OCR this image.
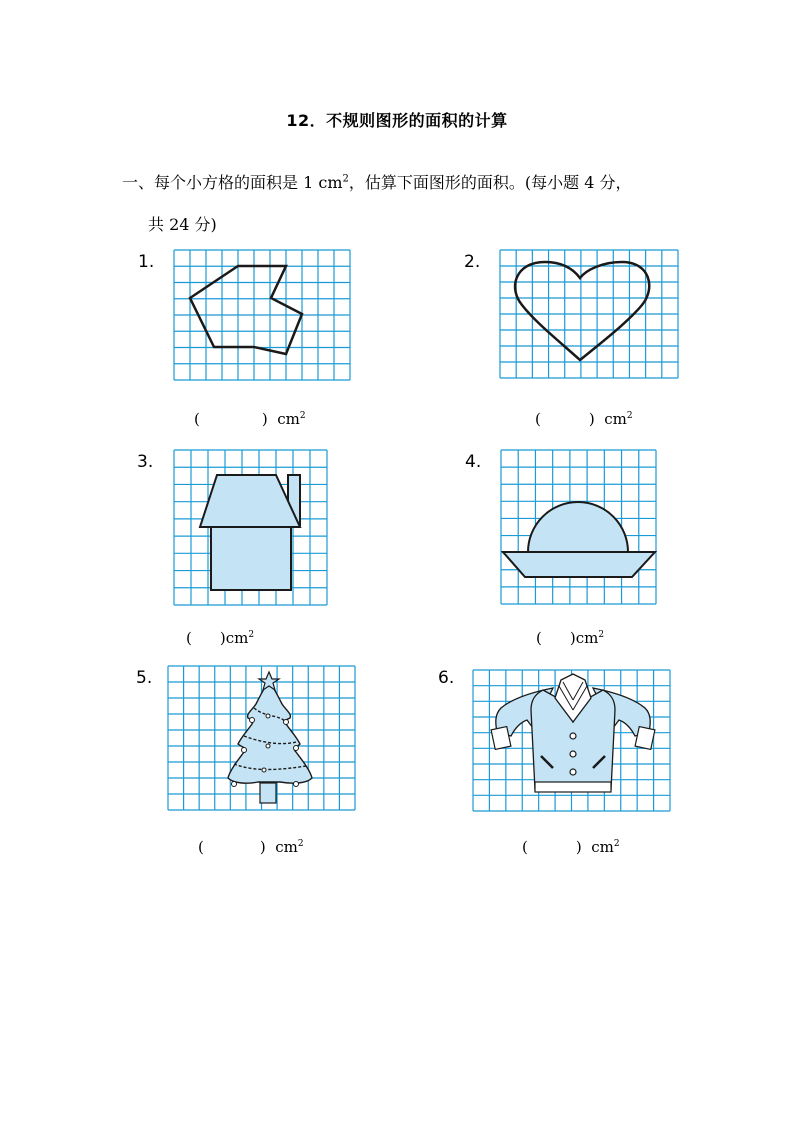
12．不规则图形的面积的计算
一、每个小方格的面积是 1 $cm^2$，估算下面图形的面积。(每小题 4 分，
共 24 分)
1.	2.
3.	4.
5.	6.
(	) $cm^2$	(	) $cm^2$
( )$cm^2$	( )$cm^2$
(	) $cm^2$	(	) $cm^2$
